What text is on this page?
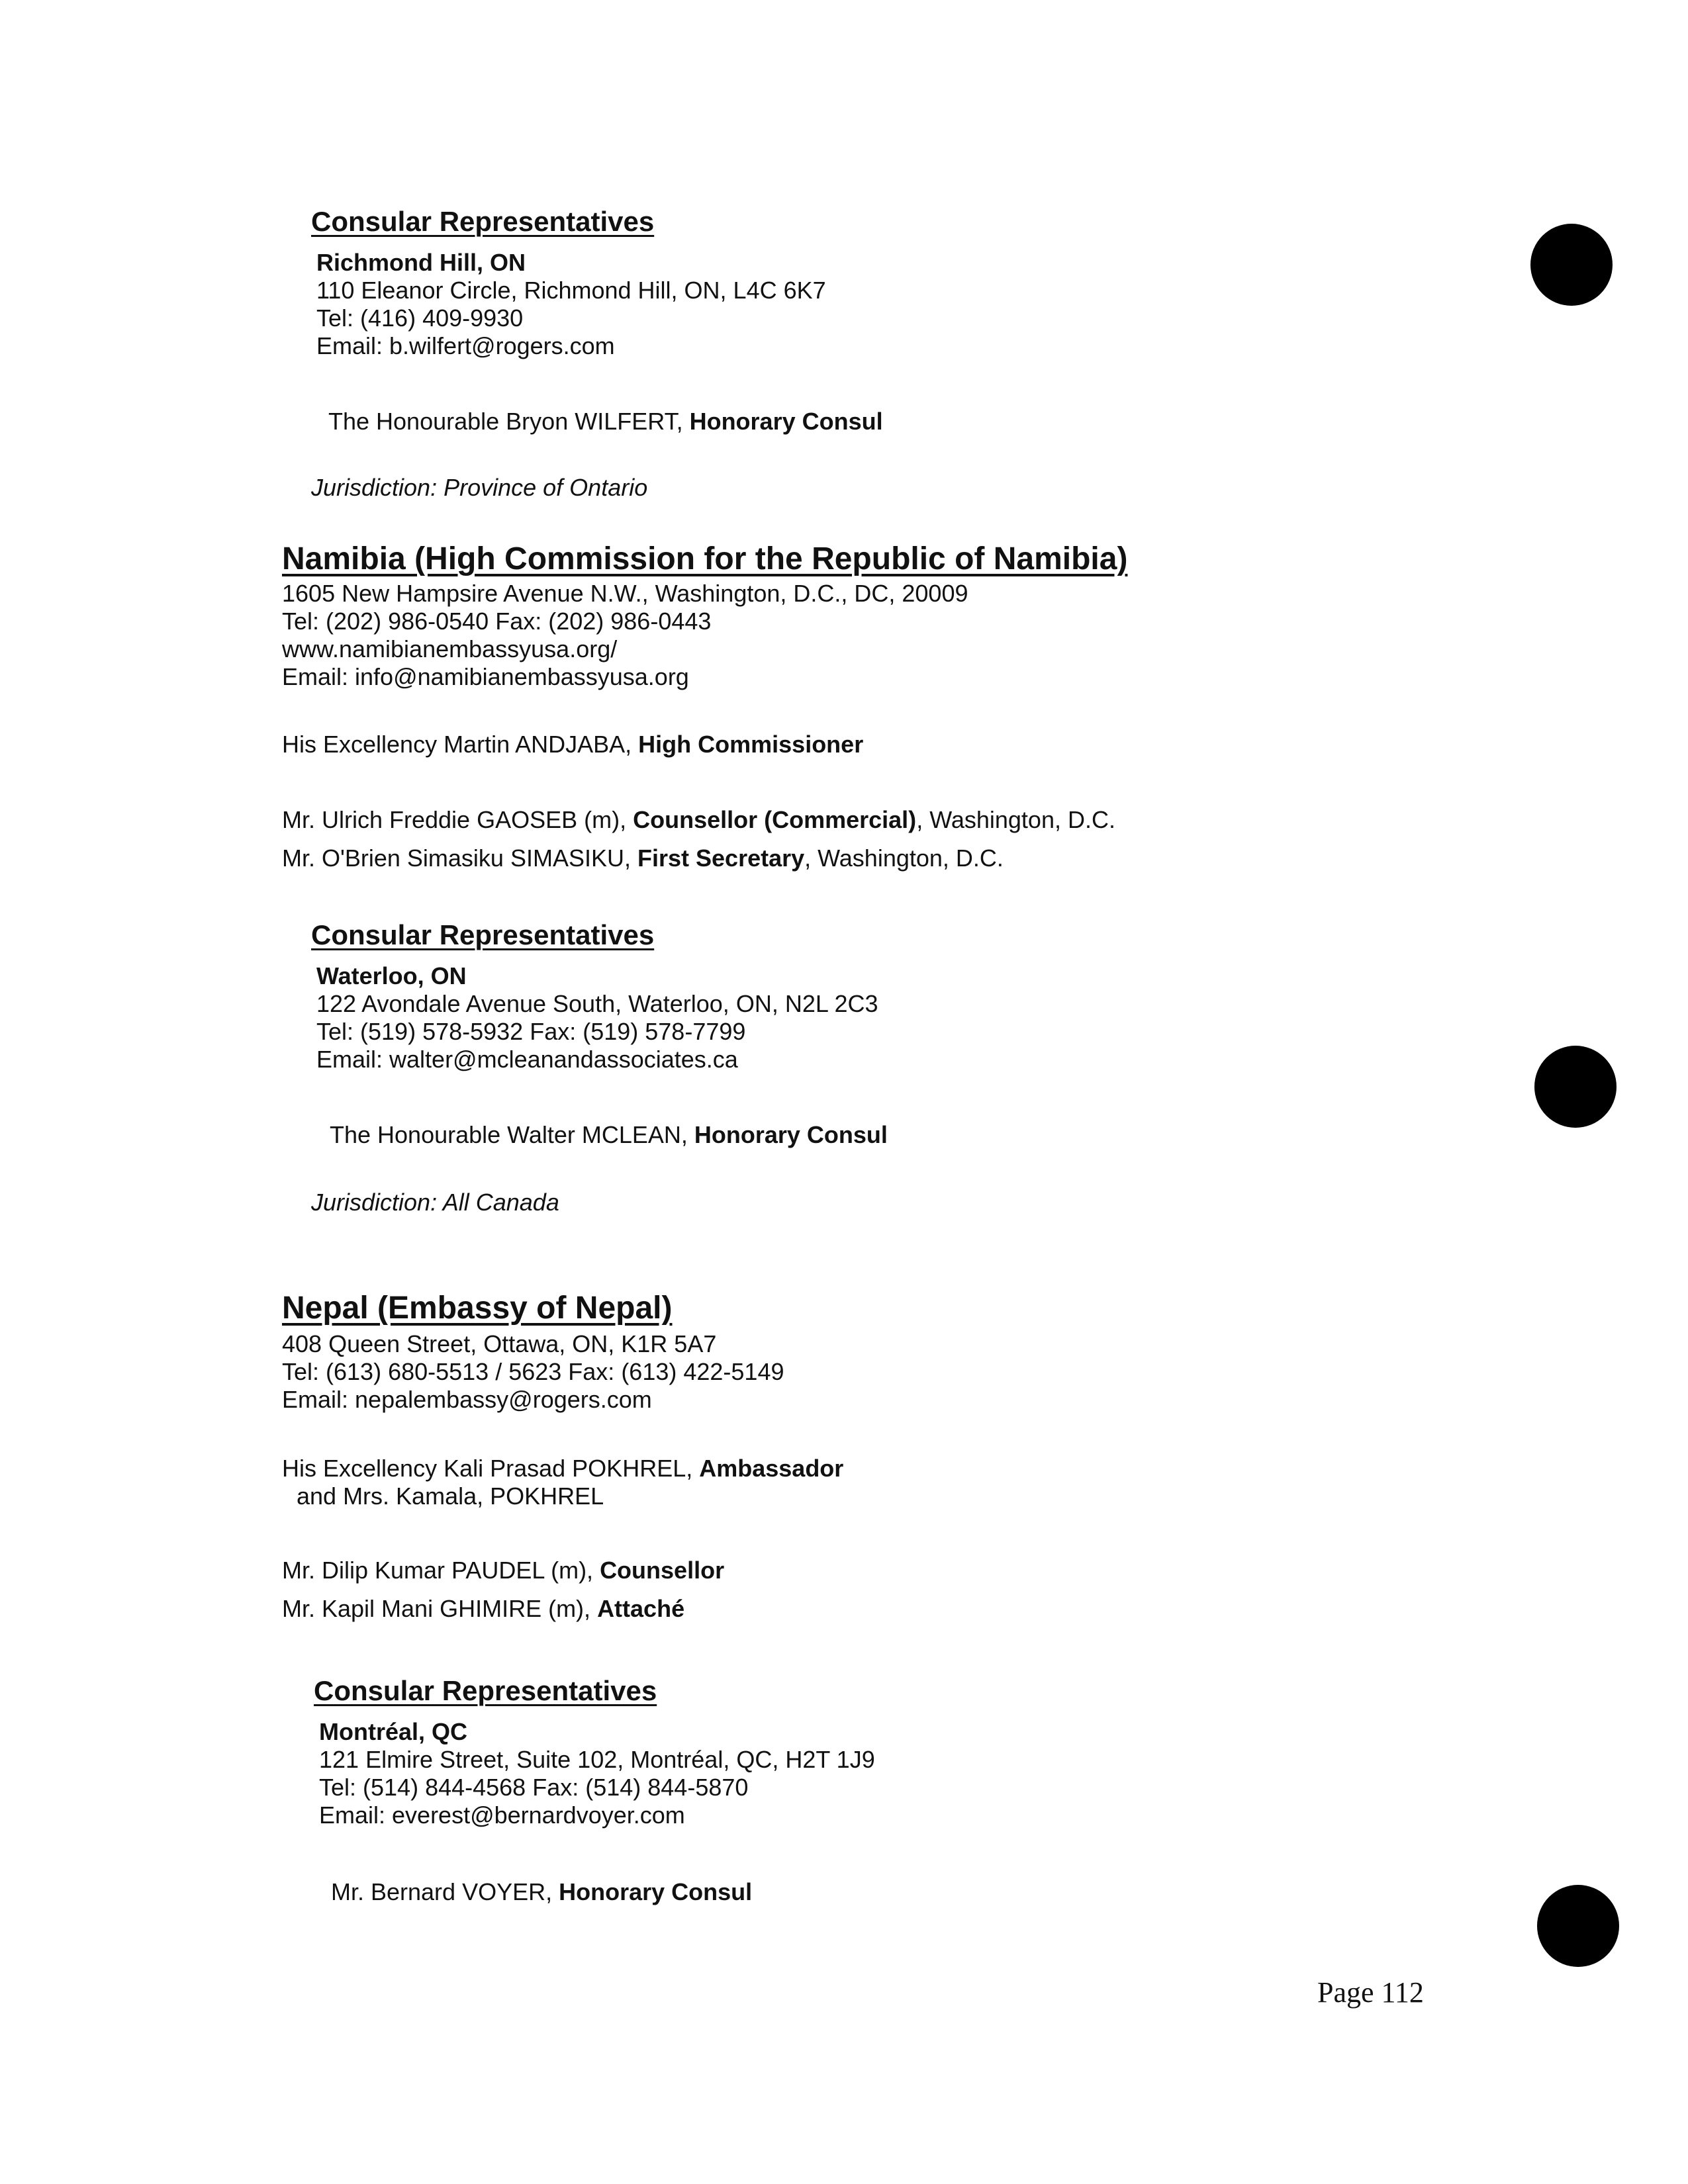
Consular Representatives
Richmond Hill, ON
110 Eleanor Circle, Richmond Hill, ON, L4C 6K7
Tel: (416) 409-9930
Email: b.wilfert@rogers.com
The Honourable Bryon WILFERT, Honorary Consul
Jurisdiction: Province of Ontario
Namibia (High Commission for the Republic of Namibia)
1605 New Hampsire Avenue N.W., Washington, D.C., DC, 20009
Tel: (202) 986-0540 Fax: (202) 986-0443
www.namibianembassyusa.org/
Email: info@namibianembassyusa.org
His Excellency Martin ANDJABA, High Commissioner
Mr. Ulrich Freddie GAOSEB (m), Counsellor (Commercial), Washington, D.C.
Mr. O'Brien Simasiku SIMASIKU, First Secretary, Washington, D.C.
Consular Representatives
Waterloo, ON
122 Avondale Avenue South, Waterloo, ON, N2L 2C3
Tel: (519) 578-5932 Fax: (519) 578-7799
Email: walter@mcleanandassociates.ca
The Honourable Walter MCLEAN, Honorary Consul
Jurisdiction: All Canada
Nepal (Embassy of Nepal)
408 Queen Street, Ottawa, ON, K1R 5A7
Tel: (613) 680-5513 / 5623 Fax: (613) 422-5149
Email: nepalembassy@rogers.com
His Excellency Kali Prasad POKHREL, Ambassador
and Mrs. Kamala, POKHREL
Mr. Dilip Kumar PAUDEL (m), Counsellor
Mr. Kapil Mani GHIMIRE (m), Attaché
Consular Representatives
Montréal, QC
121 Elmire Street, Suite 102, Montréal, QC, H2T 1J9
Tel: (514) 844-4568 Fax: (514) 844-5870
Email: everest@bernardvoyer.com
Mr. Bernard VOYER, Honorary Consul
Page 112
